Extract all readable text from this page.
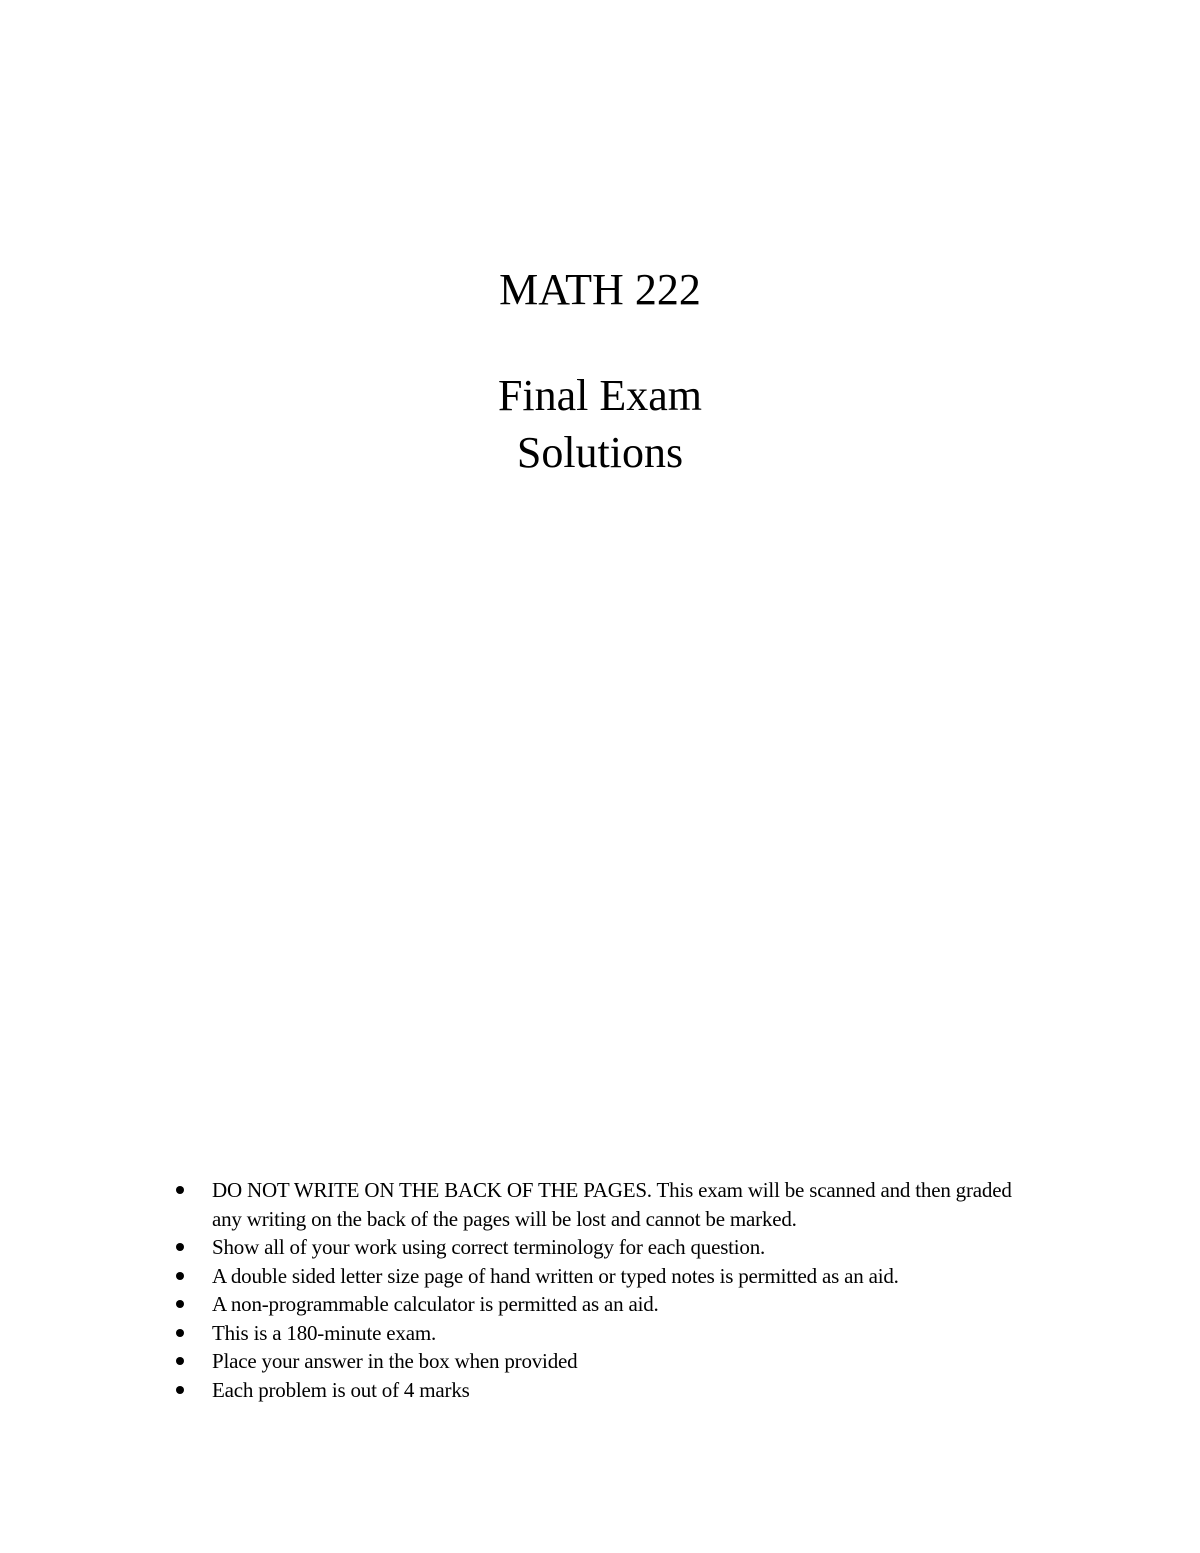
MATH 222
Final Exam
Solutions
DO NOT WRITE ON THE BACK OF THE PAGES. This exam will be scanned and then graded any writing on the back of the pages will be lost and cannot be marked.
Show all of your work using correct terminology for each question.
A double sided letter size page of hand written or typed notes is permitted as an aid.
A non-programmable calculator is permitted as an aid.
This is a 180-minute exam.
Place your answer in the box when provided
Each problem is out of 4 marks
